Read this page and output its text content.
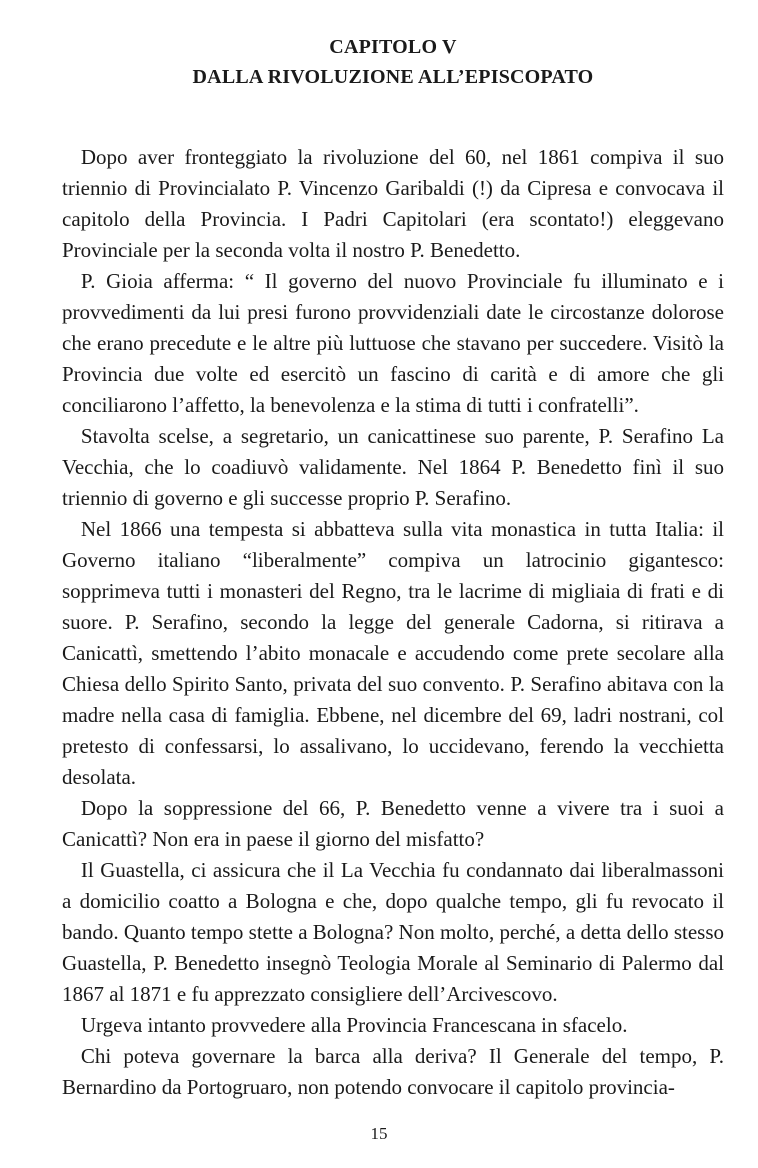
CAPITOLO V
DALLA RIVOLUZIONE ALL’EPISCOPATO

Dopo aver fronteggiato la rivoluzione del 60, nel 1861 compiva il suo triennio di Provincialato P. Vincenzo Garibaldi (!) da Cipresa e convocava il capitolo della Provincia. I Padri Capitolari (era scontato!) eleggevano Provinciale per la seconda volta il nostro P. Benedetto.

P. Gioia afferma: “ Il governo del nuovo Provinciale fu illuminato e i provvedimenti da lui presi furono provvidenziali date le circostanze dolorose che erano precedute e le altre più luttuose che stavano per succedere. Visitò la Provincia due volte ed esercitò un fascino di carità e di amore che gli conciliarono l’affetto, la benevolenza e la stima di tutti i confratelli”.

Stavolta scelse, a segretario, un canicattinese suo parente, P. Serafino La Vecchia, che lo coadiuvò validamente. Nel 1864 P. Benedetto finì il suo triennio di governo e gli successe proprio P. Serafino.

Nel 1866 una tempesta si abbatteva sulla vita monastica in tutta Italia: il Governo italiano “liberalmente” compiva un latrocinio gigantesco: sopprimeva tutti i monasteri del Regno, tra le lacrime di migliaia di frati e di suore. P. Serafino, secondo la legge del generale Cadorna, si ritirava a Canicattì, smettendo l’abito monacale e accudendo come prete secolare alla Chiesa dello Spirito Santo, privata del suo convento. P. Serafino abitava con la madre nella casa di famiglia. Ebbene, nel dicembre del 69, ladri nostrani, col pretesto di confessarsi, lo assalivano, lo uccidevano, ferendo la vecchietta desolata.

Dopo la soppressione del 66, P. Benedetto venne a vivere tra i suoi a Canicattì? Non era in paese il giorno del misfatto?

Il Guastella, ci assicura che il La Vecchia fu condannato dai liberalmassoni a domicilio coatto a Bologna e che, dopo qualche tempo, gli fu revocato il bando. Quanto tempo stette a Bologna? Non molto, perché, a detta dello stesso Guastella, P. Benedetto insegnò Teologia Morale al Seminario di Palermo dal 1867 al 1871 e fu apprezzato consigliere dell’Arcivescovo.

Urgeva intanto provvedere alla Provincia Francescana in sfacelo.

Chi poteva governare la barca alla deriva? Il Generale del tempo, P. Bernardino da Portogruaro, non potendo convocare il capitolo provincia-

15
